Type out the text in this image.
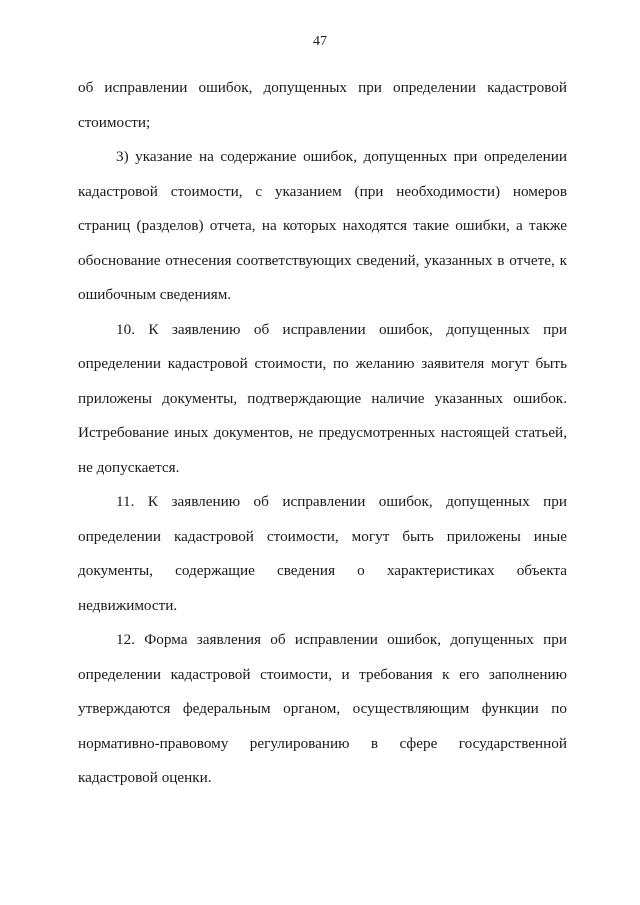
47

об исправлении ошибок, допущенных при определении кадастровой стоимости;

3) указание на содержание ошибок, допущенных при определении кадастровой стоимости, с указанием (при необходимости) номеров страниц (разделов) отчета, на которых находятся такие ошибки, а также обоснование отнесения соответствующих сведений, указанных в отчете, к ошибочным сведениям.

10. К заявлению об исправлении ошибок, допущенных при определении кадастровой стоимости, по желанию заявителя могут быть приложены документы, подтверждающие наличие указанных ошибок. Истребование иных документов, не предусмотренных настоящей статьей, не допускается.

11. К заявлению об исправлении ошибок, допущенных при определении кадастровой стоимости, могут быть приложены иные документы, содержащие сведения о характеристиках объекта недвижимости.

12. Форма заявления об исправлении ошибок, допущенных при определении кадастровой стоимости, и требования к его заполнению утверждаются федеральным органом, осуществляющим функции по нормативно-правовому регулированию в сфере государственной кадастровой оценки.
